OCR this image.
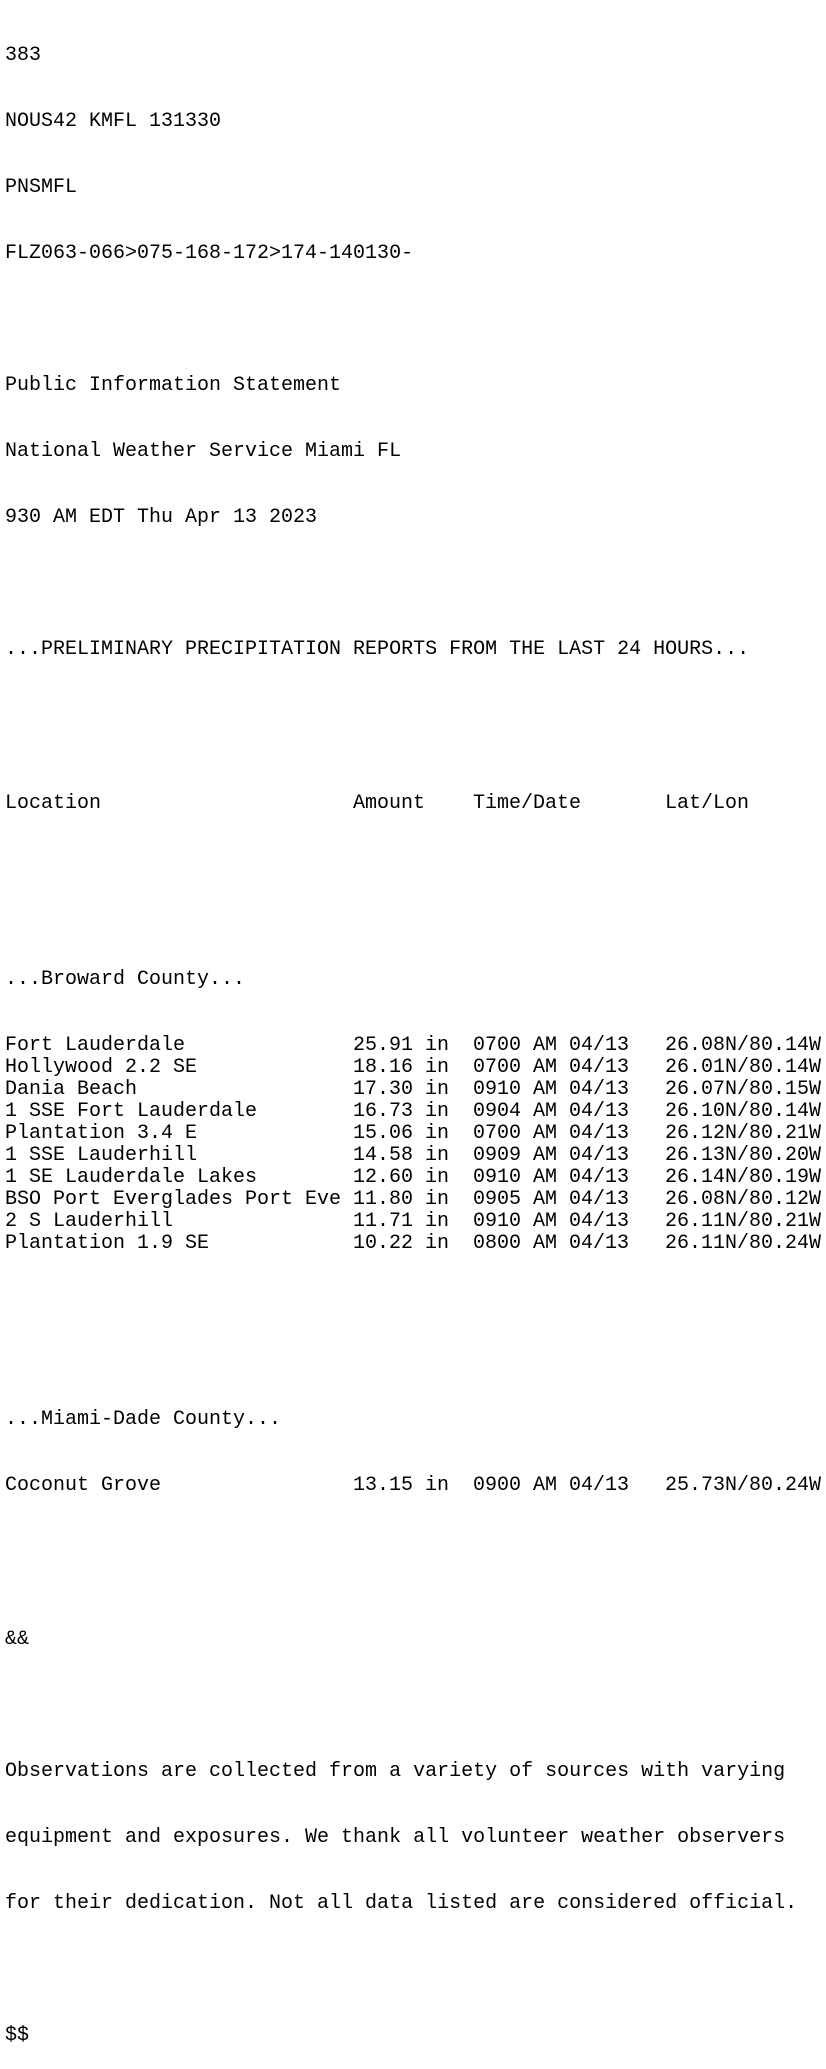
383

NOUS42 KMFL 131330

PNSMFL

FLZ063-066>075-168-172>174-140130-

Public Information Statement

National Weather Service Miami FL

930 AM EDT Thu Apr 13 2023

...PRELIMINARY PRECIPITATION REPORTS FROM THE LAST 24 HOURS...

Location	Amount	Time/Date	Lat/Lon

...Broward County...

Fort Lauderdale	25.91 in	0700 AM 04/13	26.08N/80.14W
Hollywood 2.2 SE	18.16 in	0700 AM 04/13	26.01N/80.14W
Dania Beach	17.30 in	0910 AM 04/13	26.07N/80.15W
1 SSE Fort Lauderdale	16.73 in	0904 AM 04/13	26.10N/80.14W
Plantation 3.4 E	15.06 in	0700 AM 04/13	26.12N/80.21W
1 SSE Lauderhill	14.58 in	0909 AM 04/13	26.13N/80.20W
1 SE Lauderdale Lakes	12.60 in	0910 AM 04/13	26.14N/80.19W
BSO Port Everglades Port Eve 11.80 in	0905 AM 04/13	26.08N/80.12W
2 S Lauderhill	11.71 in	0910 AM 04/13	26.11N/80.21W
Plantation 1.9 SE	10.22 in	0800 AM 04/13	26.11N/80.24W

...Miami-Dade County...

Coconut Grove	13.15 in	0900 AM 04/13	25.73N/80.24W

&&

Observations are collected from a variety of sources with varying

equipment and exposures. We thank all volunteer weather observers

for their dedication. Not all data listed are considered official.

$$
